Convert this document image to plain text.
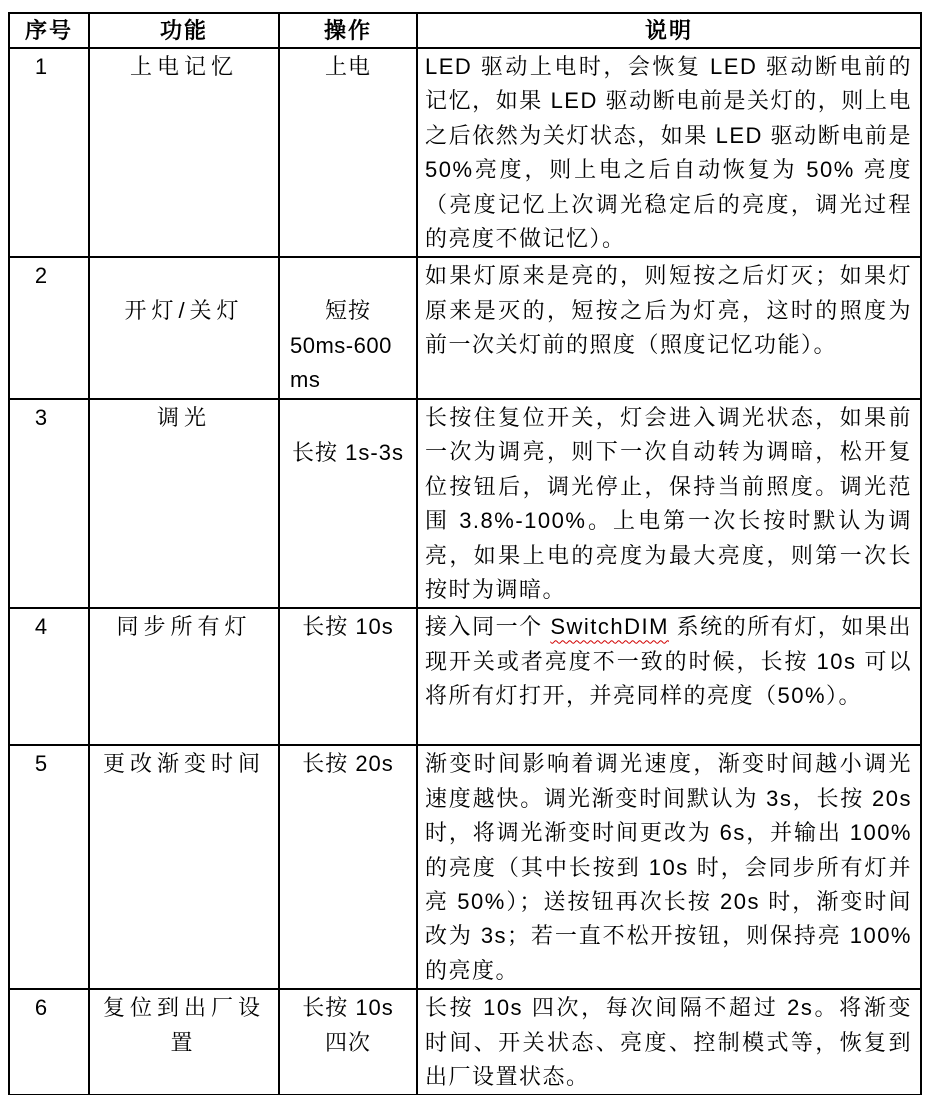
序号	功能	操作	说明
1	上电记忆	上电	LED 驱动上电时，会恢复 LED 驱动断电前的记忆，如果 LED 驱动断电前是关灯的，则上电之后依然为关灯状态，如果 LED 驱动断电前是 50%亮度，则上电之后自动恢复为 50% 亮度（亮度记忆上次调光稳定后的亮度，调光过程的亮度不做记忆）。
2	开灯/关灯	短按
50ms-600
ms	如果灯原来是亮的，则短按之后灯灭；如果灯原来是灭的，短按之后为灯亮，这时的照度为前一次关灯前的照度（照度记忆功能）。
3	调光	长按 1s-3s	长按住复位开关，灯会进入调光状态，如果前一次为调亮，则下一次自动转为调暗，松开复位按钮后，调光停止，保持当前照度。调光范围 3.8%-100%。上电第一次长按时默认为调亮，如果上电的亮度为最大亮度，则第一次长按时为调暗。
4	同步所有灯	长按 10s	接入同一个 SwitchDIM 系统的所有灯，如果出现开关或者亮度不一致的时候，长按 10s 可以将所有灯打开，并亮同样的亮度（50%）。
5	更改渐变时间	长按 20s	渐变时间影响着调光速度，渐变时间越小调光速度越快。调光渐变时间默认为 3s，长按 20s 时，将调光渐变时间更改为 6s，并输出 100%的亮度（其中长按到 10s 时，会同步所有灯并亮 50%）；送按钮再次长按 20s 时，渐变时间改为 3s；若一直不松开按钮，则保持亮 100%的亮度。
6	复位到出厂设置	长按 10s
四次	长按 10s 四次，每次间隔不超过 2s。将渐变时间、开关状态、亮度、控制模式等，恢复到出厂设置状态。
